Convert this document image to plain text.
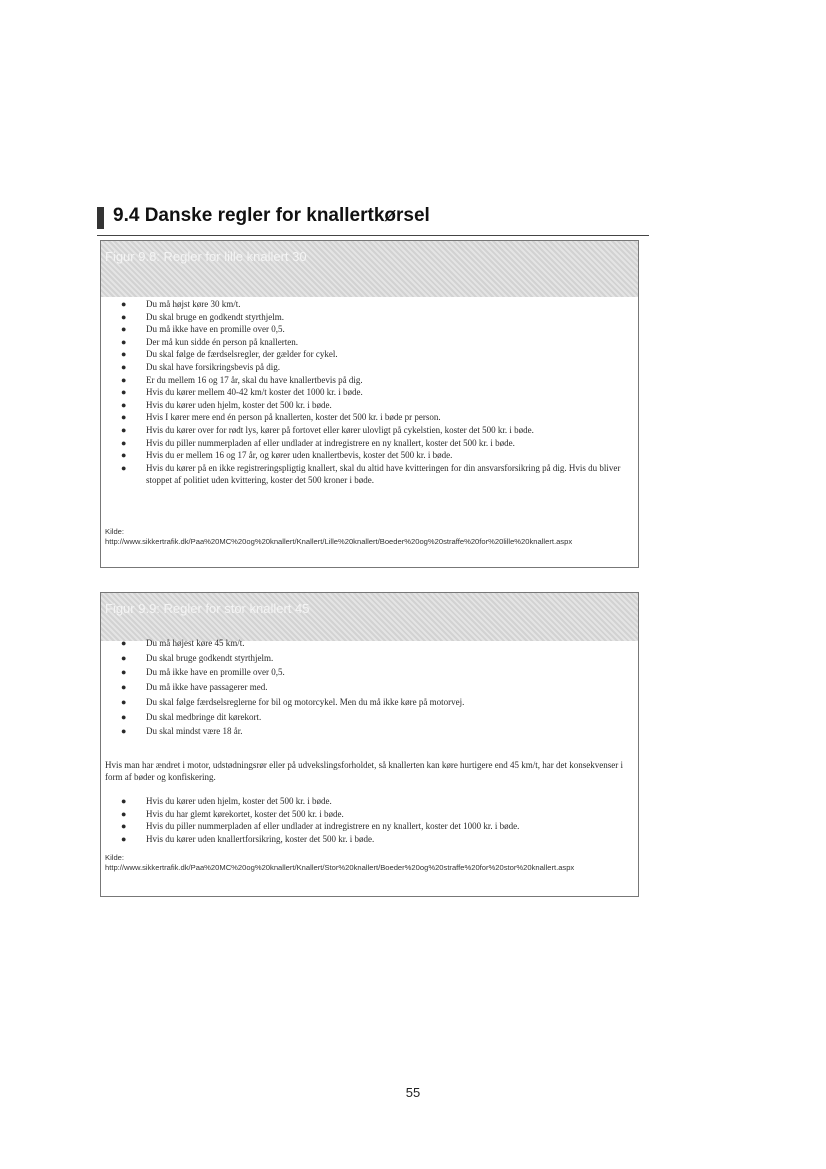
9.4 Danske regler for knallertkørsel
Figur 9.8: Regler for lille knallert 30
● Du må højst køre 30 km/t.
● Du skal bruge en godkendt styrthjelm.
● Du må ikke have en promille over 0,5.
● Der må kun sidde én person på knallerten.
● Du skal følge de færdselsregler, der gælder for cykel.
● Du skal have forsikringsbevis på dig.
● Er du mellem 16 og 17 år, skal du have knallertbevis på dig.
● Hvis du kører mellem 40-42 km/t koster det 1000 kr. i bøde.
● Hvis du kører uden hjelm, koster det 500 kr. i bøde.
● Hvis I kører mere end én person på knallerten, koster det 500 kr. i bøde pr person.
● Hvis du kører over for rødt lys, kører på fortovet eller kører ulovligt på cykelstien, koster det 500 kr. i bøde.
● Hvis du piller nummerpladen af eller undlader at indregistrere en ny knallert, koster det 500 kr. i bøde.
● Hvis du er mellem 16 og 17 år, og kører uden knallertbevis, koster det 500 kr. i bøde.
● Hvis du kører på en ikke registreringspligtig knallert, skal du altid have kvitteringen for din ansvarsforsikring på dig. Hvis du bliver stoppet af politiet uden kvittering, koster det 500 kroner i bøde.
Kilde:
http://www.sikkertrafik.dk/Paa%20MC%20og%20knallert/Knallert/Lille%20knallert/Boeder%20og%20straffe%20for%20lille%20knallert.aspx
Figur 9.9: Regler for stor knallert 45
● Du må højest køre 45 km/t.
● Du skal bruge godkendt styrthjelm.
● Du må ikke have en promille over 0,5.
● Du må ikke have passagerer med.
● Du skal følge færdselsreglerne for bil og motorcykel. Men du må ikke køre på motorvej.
● Du skal medbringe dit kørekort.
● Du skal mindst være 18 år.
Hvis man har ændret i motor, udstødningsrør eller på udvekslingsforholdet, så knallerten kan køre hurtigere end 45 km/t, har det konsekvenser i form af bøder og konfiskering.
● Hvis du kører uden hjelm, koster det 500 kr. i bøde.
● Hvis du har glemt kørekortet, koster det 500 kr. i bøde.
● Hvis du piller nummerpladen af eller undlader at indregistrere en ny knallert, koster det 1000 kr. i bøde.
● Hvis du kører uden knallertforsikring, koster det 500 kr. i bøde.
Kilde:
http://www.sikkertrafik.dk/Paa%20MC%20og%20knallert/Knallert/Stor%20knallert/Boeder%20og%20straffe%20for%20stor%20knallert.aspx
55
